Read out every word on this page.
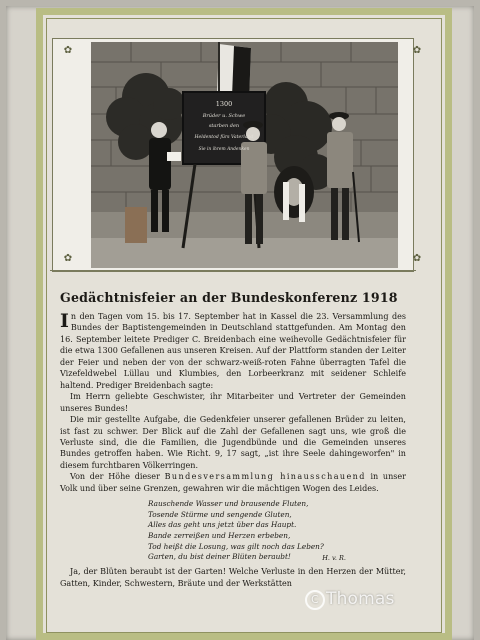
1300
Brüder u. Schwe
starben den
Heldentod fürs Vaterland
Sie in ihrem Andenken
✿	✿
✿	✿
Gedächtnisfeier an der Bundeskonferenz 1918

In den Tagen vom 15. bis 17. September hat in Kassel die 23. Versammlung des Bundes der Baptistengemeinden in Deutschland stattgefunden. Am Montag den 16. September leitete Prediger C. Breidenbach eine weihevolle Gedächtnisfeier für die etwa 1300 Gefallenen aus unseren Kreisen. Auf der Plattform standen der Leiter der Feier und neben der von der schwarz-weiß-roten Fahne überragten Tafel die Vizefeldwebel Lüllau und Klumbies, den Lorbeerkranz mit seidener Schleife haltend. Prediger Breidenbach sagte:

Im Herrn geliebte Geschwister, ihr Mitarbeiter und Vertreter der Gemeinden unseres Bundes!

Die mir gestellte Aufgabe, die Gedenkfeier unserer gefallenen Brüder zu leiten, ist fast zu schwer. Der Blick auf die Zahl der Gefallenen sagt uns, wie groß die Verluste sind, die die Familien, die Jugendbünde und die Gemeinden unseres Bundes getroffen haben. Wie Richt. 9, 17 sagt, „ist ihre Seele dahingeworfen" in diesem furchtbaren Völkerringen.

Von der Höhe dieser Bundesversammlung hinausschauend in unser Volk und über seine Grenzen, gewahren wir die mächtigen Wogen des Leides.

Rauschende Wasser und brausende Fluten,
Tosende Stürme und sengende Gluten,
Alles das geht uns jetzt über das Haupt.
Bande zerreißen und Herzen erbeben,
Tod heißt die Losung, was gilt noch das Leben?
Garten, du bist deiner Blüten beraubt!	H. v. R.

Ja, der Blüten beraubt ist der Garten! Welche Verluste in den Herzen der Mütter, Gatten, Kinder, Schwestern, Bräute und der Werkstätten

C Thomas
